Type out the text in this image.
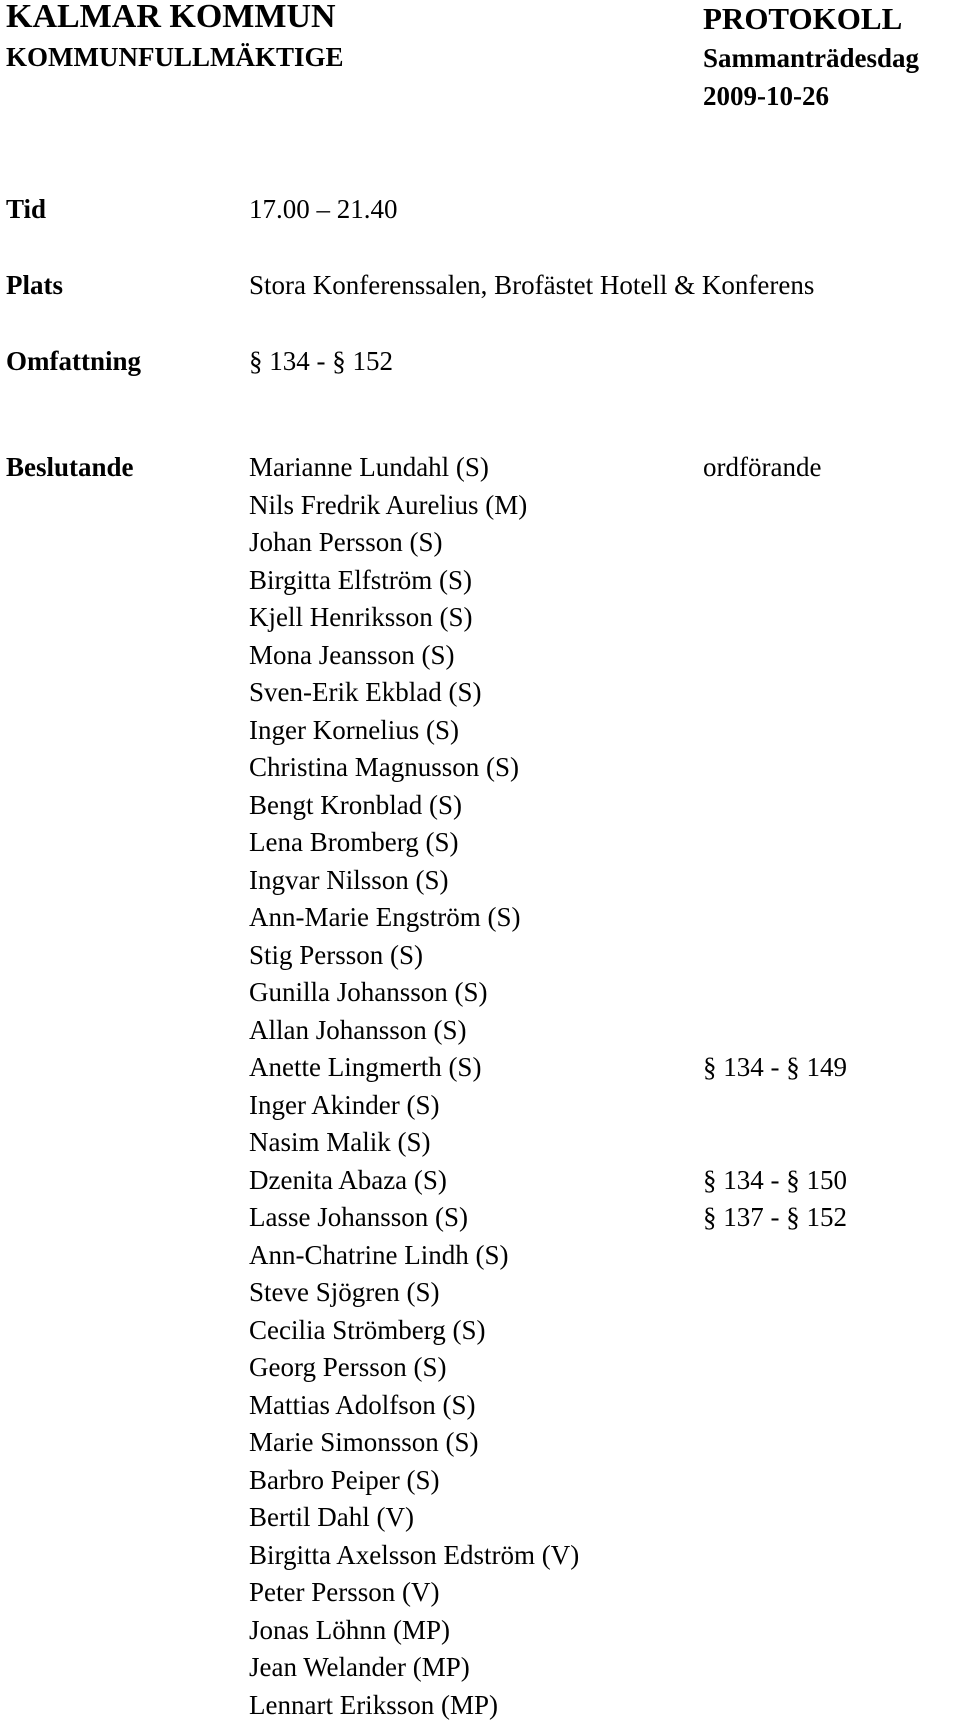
KALMAR KOMMUN
KOMMUNFULLMÄKTIGE
PROTOKOLL
Sammanträdesdag
2009-10-26
Tid	17.00 – 21.40
Plats	Stora Konferenssalen, Brofästet Hotell & Konferens
Omfattning	§ 134 - § 152
Beslutande	Marianne Lundahl (S)	ordförande
Nils Fredrik Aurelius (M)
Johan Persson (S)
Birgitta Elfström (S)
Kjell Henriksson (S)
Mona Jeansson (S)
Sven-Erik Ekblad (S)
Inger Kornelius (S)
Christina Magnusson (S)
Bengt Kronblad (S)
Lena Bromberg (S)
Ingvar Nilsson (S)
Ann-Marie Engström (S)
Stig Persson (S)
Gunilla Johansson (S)
Allan Johansson (S)
Anette Lingmerth (S)	§ 134 - § 149
Inger Akinder (S)
Nasim Malik (S)
Dzenita Abaza (S)	§ 134 - § 150
Lasse Johansson (S)	§ 137 - § 152
Ann-Chatrine Lindh (S)
Steve Sjögren (S)
Cecilia Strömberg (S)
Georg Persson (S)
Mattias Adolfson (S)
Marie Simonsson (S)
Barbro Peiper (S)
Bertil Dahl (V)
Birgitta Axelsson Edström (V)
Peter Persson (V)
Jonas Löhnn (MP)
Jean Welander (MP)
Lennart Eriksson (MP)
